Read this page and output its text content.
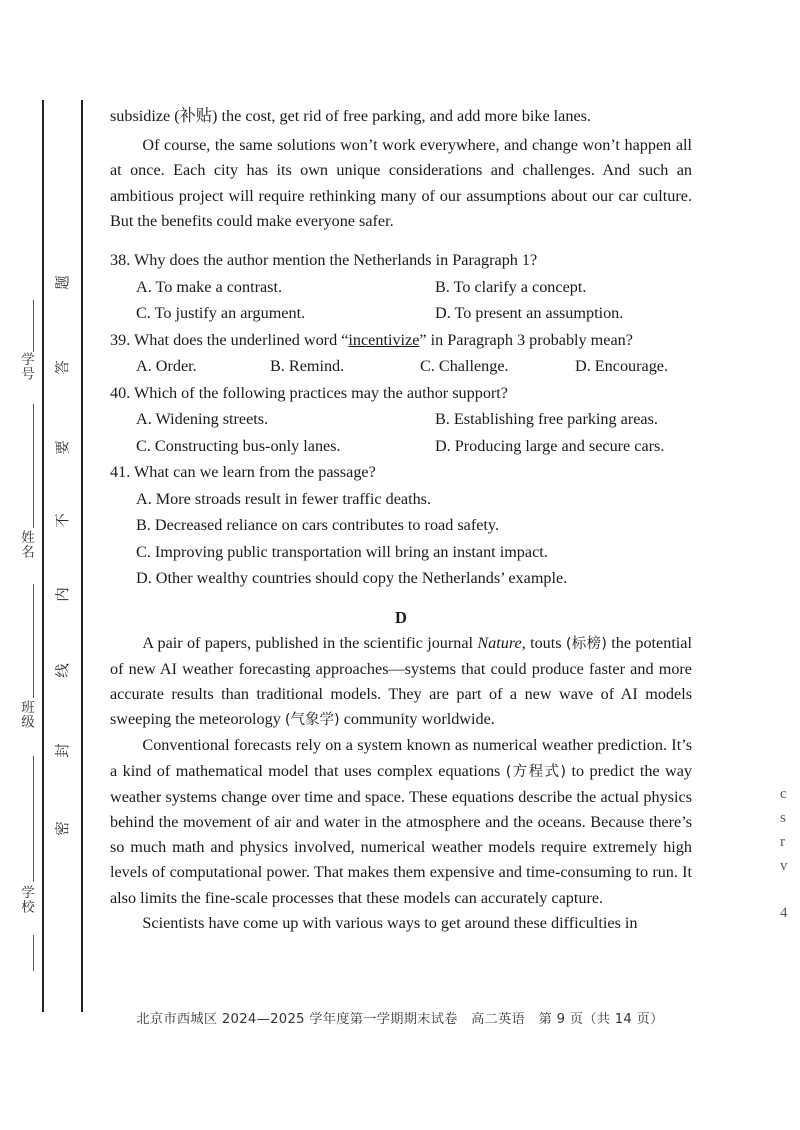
题
答
要
不
内
线
封
密
学号
姓名
班级
学校

subsidize (补贴) the cost, get rid of free parking, and add more bike lanes.

Of course, the same solutions won’t work everywhere, and change won’t happen all at once. Each city has its own unique considerations and challenges. And such an ambitious project will require rethinking many of our assumptions about our car culture. But the benefits could make everyone safer.

38. Why does the author mention the Netherlands in Paragraph 1?

A. To make a contrast.	B. To clarify a concept.
C. To justify an argument.	D. To present an assumption.

39. What does the underlined word “incentivize” in Paragraph 3 probably mean?

A. Order.	B. Remind.	C. Challenge.	D. Encourage.

40. Which of the following practices may the author support?

A. Widening streets.	B. Establishing free parking areas.
C. Constructing bus-only lanes.	D. Producing large and secure cars.

41. What can we learn from the passage?

A. More stroads result in fewer traffic deaths.
B. Decreased reliance on cars contributes to road safety.
C. Improving public transportation will bring an instant impact.
D. Other wealthy countries should copy the Netherlands’ example.

D

A pair of papers, published in the scientific journal Nature, touts (标榜) the potential of new AI weather forecasting approaches—systems that could produce faster and more accurate results than traditional models. They are part of a new wave of AI models sweeping the meteorology (气象学) community worldwide.

Conventional forecasts rely on a system known as numerical weather prediction. It’s a kind of mathematical model that uses complex equations (方程式) to predict the way weather systems change over time and space. These equations describe the actual physics behind the movement of air and water in the atmosphere and the oceans. Because there’s so much math and physics involved, numerical weather models require extremely high levels of computational power. That makes them expensive and time-consuming to run. It also limits the fine-scale processes that these models can accurately capture.

Scientists have come up with various ways to get around these difficulties in

c
s
r
v
4
北京市西城区 2024—2025 学年度第一学期期末试卷　高二英语　第 9 页（共 14 页）
